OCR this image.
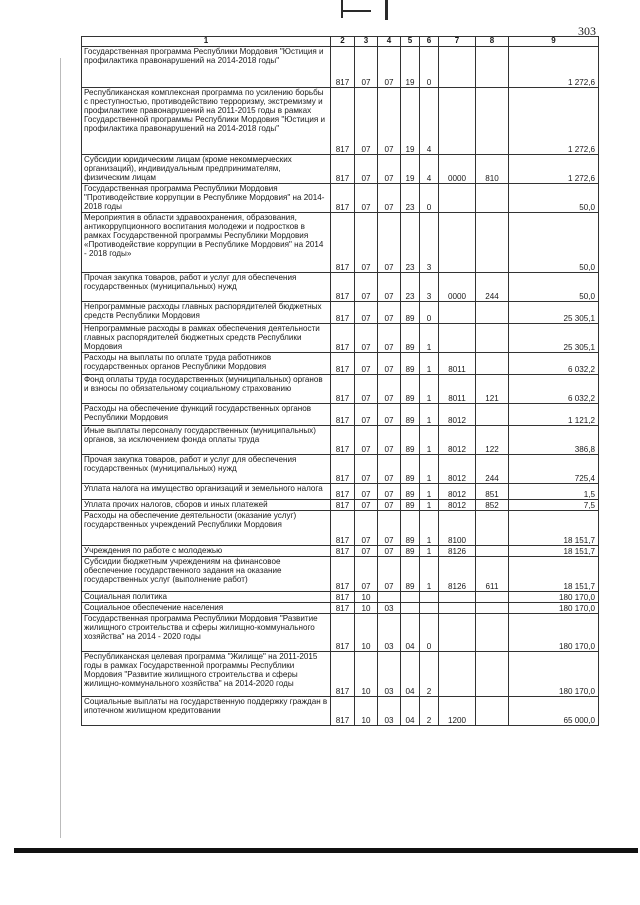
303
1	2	3	4	5	6	7	8	9
Государственная программа Республики Мордовия "Юстиция и профилактика правонарушений на 2014-2018 годы"	817	07	07	19	0			1 272,6
Республиканская комплексная программа по усилению борьбы с преступностью, противодействию терроризму, экстремизму и профилактике правонарушений на 2011-2015 годы в рамках Государственной программы Республики Мордовия "Юстиция и профилактика правонарушений на 2014-2018 годы"	817	07	07	19	4			1 272,6
Субсидии юридическим лицам (кроме некоммерческих организаций), индивидуальным предпринимателям, физическим лицам	817	07	07	19	4	0000	810	1 272,6
Государственная программа Республики Мордовия "Противодействие коррупции в Республике Мордовия" на 2014-2018 годы	817	07	07	23	0			50,0
Мероприятия в области здравоохранения, образования, антикоррупционного воспитания молодежи и подростков в рамках Государственной программы Республики Мордовия «Противодействие коррупции в Республике Мордовия" на 2014 - 2018 годы»	817	07	07	23	3			50,0
Прочая закупка товаров, работ и услуг для обеспечения государственных (муниципальных) нужд	817	07	07	23	3	0000	244	50,0
Непрограммные расходы главных распорядителей бюджетных средств Республики Мордовия	817	07	07	89	0			25 305,1
Непрограммные расходы в рамках обеспечения деятельности главных распорядителей бюджетных средств Республики Мордовия	817	07	07	89	1			25 305,1
Расходы на выплаты по оплате труда работников государственных органов Республики Мордовия	817	07	07	89	1	8011		6 032,2
Фонд оплаты труда государственных (муниципальных) органов и взносы по обязательному социальному страхованию	817	07	07	89	1	8011	121	6 032,2
Расходы на обеспечение функций государственных органов Республики Мордовия	817	07	07	89	1	8012		1 121,2
Иные выплаты персоналу государственных (муниципальных) органов, за исключением фонда оплаты труда	817	07	07	89	1	8012	122	386,8
Прочая закупка товаров, работ и услуг для обеспечения государственных (муниципальных) нужд	817	07	07	89	1	8012	244	725,4
Уплата налога на имущество организаций и земельного налога	817	07	07	89	1	8012	851	1,5
Уплата прочих налогов, сборов и иных платежей	817	07	07	89	1	8012	852	7,5
Расходы на обеспечение деятельности (оказание услуг) государственных учреждений Республики Мордовия	817	07	07	89	1	8100		18 151,7
Учреждения по работе с молодежью	817	07	07	89	1	8126		18 151,7
Субсидии бюджетным учреждениям на финансовое обеспечение государственного задания на оказание государственных услуг (выполнение работ)	817	07	07	89	1	8126	611	18 151,7
Социальная политика	817	10						180 170,0
Социальное обеспечение населения	817	10	03					180 170,0
Государственная программа Республики Мордовия "Развитие жилищного строительства и сферы жилищно-коммунального хозяйства" на 2014 - 2020 годы	817	10	03	04	0			180 170,0
Республиканская целевая программа "Жилище" на 2011-2015 годы в рамках Государственной программы Республики Мордовия "Развитие жилищного строительства и сферы жилищно-коммунального хозяйства" на 2014-2020 годы	817	10	03	04	2			180 170,0
Социальные выплаты на государственную поддержку граждан в ипотечном жилищном кредитовании	817	10	03	04	2	1200		65 000,0
